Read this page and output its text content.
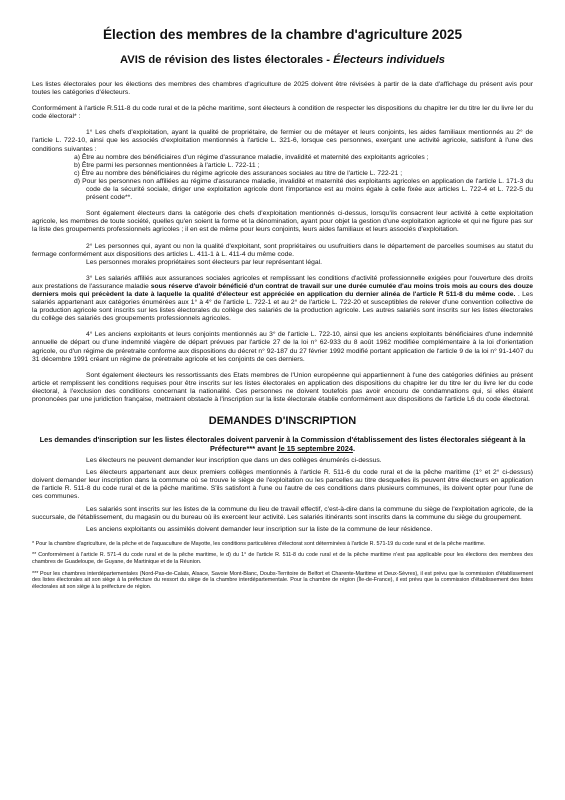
Élection des membres de la chambre d'agriculture 2025
AVIS de révision des listes électorales - Électeurs individuels

Les listes électorales pour les élections des membres des chambres d'agriculture de 2025 doivent être révisées à partir de la date d'affichage du présent avis pour toutes les catégories d'électeurs.

Conformément à l'article R.511-8 du code rural et de la pêche maritime, sont électeurs à condition de respecter les dispositions du chapitre Ier du titre Ier du livre Ier du code électoral* :

1° Les chefs d'exploitation, ayant la qualité de propriétaire, de fermier ou de métayer et leurs conjoints, les aides familiaux mentionnés au 2° de l'article L. 722-10, ainsi que les associés d'exploitation mentionnés à l'article L. 321-6, lorsque ces personnes, exerçant une activité agricole, satisfont à l'une des conditions suivantes :

a) Être au nombre des bénéficiaires d'un régime d'assurance maladie, invalidité et maternité des exploitants agricoles ;

b) Être parmi les personnes mentionnées à l'article L. 722-11 ;

c) Être au nombre des bénéficiaires du régime agricole des assurances sociales au titre de l'article L. 722-21 ;

d) Pour les personnes non affiliées au régime d'assurance maladie, invalidité et maternité des exploitants agricoles en application de l'article L. 171-3 du code de la sécurité sociale, diriger une exploitation agricole dont l'importance est au moins égale à celle fixée aux articles L. 722-4 et L. 722-5 du présent code**.

Sont également électeurs dans la catégorie des chefs d'exploitation mentionnés ci-dessus, lorsqu'ils consacrent leur activité à cette exploitation agricole, les membres de toute société, quelles qu'en soient la forme et la dénomination, ayant pour objet la gestion d'une exploitation agricole et qui ne figure pas sur la liste des groupements professionnels agricoles ; il en est de même pour leurs conjoints, leurs aides familiaux et leurs associés d'exploitation.

2° Les personnes qui, ayant ou non la qualité d'exploitant, sont propriétaires ou usufruitiers dans le département de parcelles soumises au statut du fermage conformément aux dispositions des articles L. 411-1 à L. 411-4 du même code.

Les personnes morales propriétaires sont électeurs par leur représentant légal.

3° Les salariés affiliés aux assurances sociales agricoles et remplissant les conditions d'activité professionnelle exigées pour l'ouverture des droits aux prestations de l'assurance maladie sous réserve d'avoir bénéficié d'un contrat de travail sur une durée cumulée d'au moins trois mois au cours des douze derniers mois qui précèdent la date à laquelle la qualité d'électeur est appréciée en application du dernier alinéa de l'article R 511-8 du même code. . Les salariés appartenant aux catégories énumérées aux 1° à 4° de l'article L. 722-1 et au 2° de l'article L. 722-20 et susceptibles de relever d'une convention collective de la production agricole sont inscrits sur les listes électorales du collège des salariés de la production agricole. Les autres salariés sont inscrits sur les listes électorales du collège des salariés des groupements professionnels agricoles.

4° Les anciens exploitants et leurs conjoints mentionnés au 3° de l'article L. 722-10, ainsi que les anciens exploitants bénéficiaires d'une indemnité annuelle de départ ou d'une indemnité viagère de départ prévues par l'article 27 de la loi n° 62-933 du 8 août 1962 modifiée complémentaire à la loi d'orientation agricole, ou d'un régime de préretraite conforme aux dispositions du décret n° 92-187 du 27 février 1992 modifié portant application de l'article 9 de la loi n° 91-1407 du 31 décembre 1991 créant un régime de préretraite agricole et les conjoints de ces derniers.

Sont également électeurs les ressortissants des Etats membres de l'Union européenne qui appartiennent à l'une des catégories définies au présent article et remplissent les conditions requises pour être inscrits sur les listes électorales en application des dispositions du chapitre Ier du titre Ier du livre Ier du code électoral, à l'exclusion des conditions concernant la nationalité. Ces personnes ne doivent toutefois pas avoir encouru de condamnations qui, si elles étaient prononcées par une juridiction française, mettraient obstacle à l'inscription sur la liste électorale établie conformément aux dispositions de l'article L6 du code électoral.

DEMANDES D'INSCRIPTION

Les demandes d'inscription sur les listes électorales doivent parvenir à la Commission d'établissement des listes électorales siégeant à la Préfecture*** avant le 15 septembre 2024.

Les électeurs ne peuvent demander leur inscription que dans un des collèges énumérés ci-dessus.

Les électeurs appartenant aux deux premiers collèges mentionnés à l'article R. 511-6 du code rural et de la pêche maritime (1° et 2° ci-dessus) doivent demander leur inscription dans la commune où se trouve le siège de l'exploitation ou les parcelles au titre desquelles ils peuvent être électeurs en application de l'article R. 511-8 du code rural et de la pêche maritime. S'ils satisfont à l'une ou l'autre de ces conditions dans plusieurs communes, ils doivent opter pour l'une de ces communes.

Les salariés sont inscrits sur les listes de la commune du lieu de travail effectif, c'est-à-dire dans la commune du siège de l'exploitation agricole, de la succursale, de l'établissement, du magasin ou du bureau où ils exercent leur activité. Les salariés itinérants sont inscrits dans la commune du siège du groupement.

Les anciens exploitants ou assimilés doivent demander leur inscription sur la liste de la commune de leur résidence.

* Pour la chambre d'agriculture, de la pêche et de l'aquaculture de Mayotte, les conditions particulières d'électorat sont déterminées à l'article R. 571-19 du code rural et de la pêche maritime.

** Conformément à l'article R. 571-4 du code rural et de la pêche maritime, le d) du 1° de l'article R. 511-8 du code rural et de la pêche maritime n'est pas applicable pour les élections des membres des chambres de Guadeloupe, de Guyane, de Martinique et de la Réunion.

*** Pour les chambres interdépartementales (Nord-Pas-de-Calais, Alsace, Savoie Mont-Blanc, Doubs-Territoire de Belfort et Charente-Maritime et Deux-Sèvres), il est prévu que la commission d'établissement des listes électorales ait son siège à la préfecture du ressort du siège de la chambre interdépartementale. Pour la chambre de région (Île-de-France), il est prévu que la commission d'établissement des listes électorales ait son siège à la préfecture de région.
